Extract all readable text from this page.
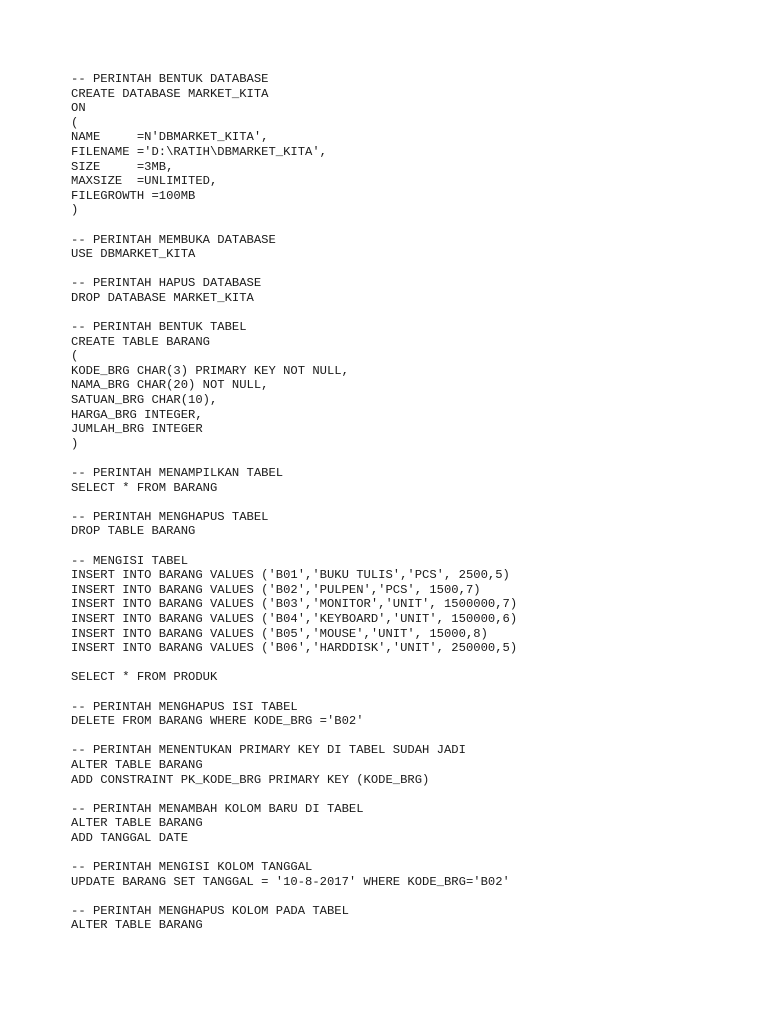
-- PERINTAH BENTUK DATABASE
CREATE DATABASE MARKET_KITA
ON
(
NAME     =N'DBMARKET_KITA',
FILENAME ='D:\RATIH\DBMARKET_KITA',
SIZE     =3MB,
MAXSIZE  =UNLIMITED,
FILEGROWTH =100MB
)
-- PERINTAH MEMBUKA DATABASE
USE DBMARKET_KITA
-- PERINTAH HAPUS DATABASE
DROP DATABASE MARKET_KITA
-- PERINTAH BENTUK TABEL
CREATE TABLE BARANG
(
KODE_BRG CHAR(3) PRIMARY KEY NOT NULL,
NAMA_BRG CHAR(20) NOT NULL,
SATUAN_BRG CHAR(10),
HARGA_BRG INTEGER,
JUMLAH_BRG INTEGER
)
-- PERINTAH MENAMPILKAN TABEL
SELECT * FROM BARANG
-- PERINTAH MENGHAPUS TABEL
DROP TABLE BARANG
-- MENGISI TABEL
INSERT INTO BARANG VALUES ('B01','BUKU TULIS','PCS', 2500,5)
INSERT INTO BARANG VALUES ('B02','PULPEN','PCS', 1500,7)
INSERT INTO BARANG VALUES ('B03','MONITOR','UNIT', 1500000,7)
INSERT INTO BARANG VALUES ('B04','KEYBOARD','UNIT', 150000,6)
INSERT INTO BARANG VALUES ('B05','MOUSE','UNIT', 15000,8)
INSERT INTO BARANG VALUES ('B06','HARDDISK','UNIT', 250000,5)
SELECT * FROM PRODUK
-- PERINTAH MENGHAPUS ISI TABEL
DELETE FROM BARANG WHERE KODE_BRG ='B02'
-- PERINTAH MENENTUKAN PRIMARY KEY DI TABEL SUDAH JADI
ALTER TABLE BARANG
ADD CONSTRAINT PK_KODE_BRG PRIMARY KEY (KODE_BRG)
-- PERINTAH MENAMBAH KOLOM BARU DI TABEL
ALTER TABLE BARANG
ADD TANGGAL DATE
-- PERINTAH MENGISI KOLOM TANGGAL
UPDATE BARANG SET TANGGAL = '10-8-2017' WHERE KODE_BRG='B02'
-- PERINTAH MENGHAPUS KOLOM PADA TABEL
ALTER TABLE BARANG
